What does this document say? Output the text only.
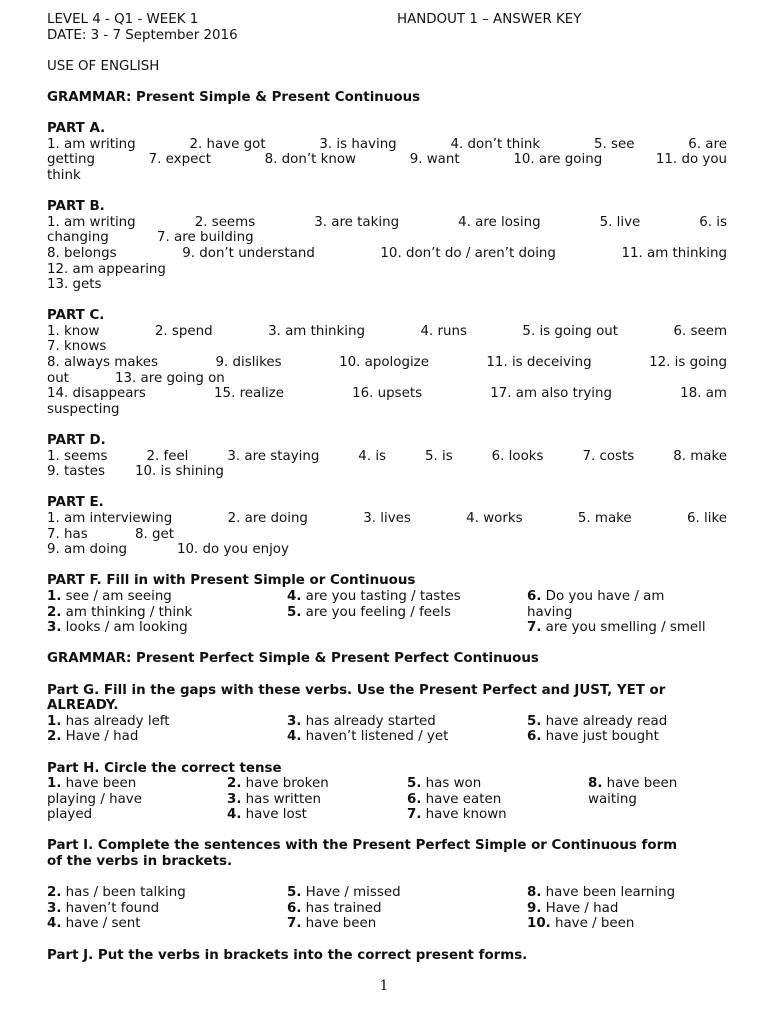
LEVEL 4 - Q1 - WEEK 1	HANDOUT 1 – ANSWER KEY
DATE: 3 - 7 September 2016
USE OF ENGLISH
GRAMMAR: Present Simple & Present Continuous
PART A.
1. am writing	2. have got	3. is having	4. don’t think	5. see	6. are
getting	7. expect	8. don’t know	9. want	10. are going	11. do you
think
PART B.
1. am writing	2. seems	3. are taking	4. are losing	5. live	6. is
changing	7. are building
8. belongs	9. don’t understand	10. don’t do / aren’t doing	11. am thinking
12. am appearing
13. gets
PART C.
1. know	2. spend	3. am thinking	4. runs	5. is going out	6. seem
7. knows
8. always makes	9. dislikes	10. apologize	11. is deceiving	12. is going
out	13. are going on
14. disappears	15. realize	16. upsets	17. am also trying	18. am
suspecting
PART D.
1. seems	2. feel	3. are staying	4. is	5. is	6. looks	7. costs	8. make
9. tastes 10. is shining
PART E.
1. am interviewing	2. are doing	3. lives	4. works	5. make	6. like
7. has	8. get
9. am doing	10. do you enjoy
PART F. Fill in with Present Simple or Continuous
1. see / am seeing	4. are you tasting / tastes	6. Do you have / am
2. am thinking / think	5. are you feeling / feels	having
3. looks / am looking	7. are you smelling / smell
GRAMMAR: Present Perfect Simple & Present Perfect Continuous
Part G. Fill in the gaps with these verbs. Use the Present Perfect and JUST, YET or
ALREADY.
1. has already left	3. has already started	5. have already read
2. Have / had	4. haven’t listened / yet	6. have just bought
Part H. Circle the correct tense
1. have been	2. have broken	5. has won	8. have been
playing / have	3. has written	6. have eaten	waiting
played	4. have lost	7. have known
Part I. Complete the sentences with the Present Perfect Simple or Continuous form
of the verbs in brackets.
2. has / been talking	5. Have / missed	8. have been learning
3. haven’t found	6. has trained	9. Have / had
4. have / sent	7. have been	10. have / been
Part J. Put the verbs in brackets into the correct present forms.
1
